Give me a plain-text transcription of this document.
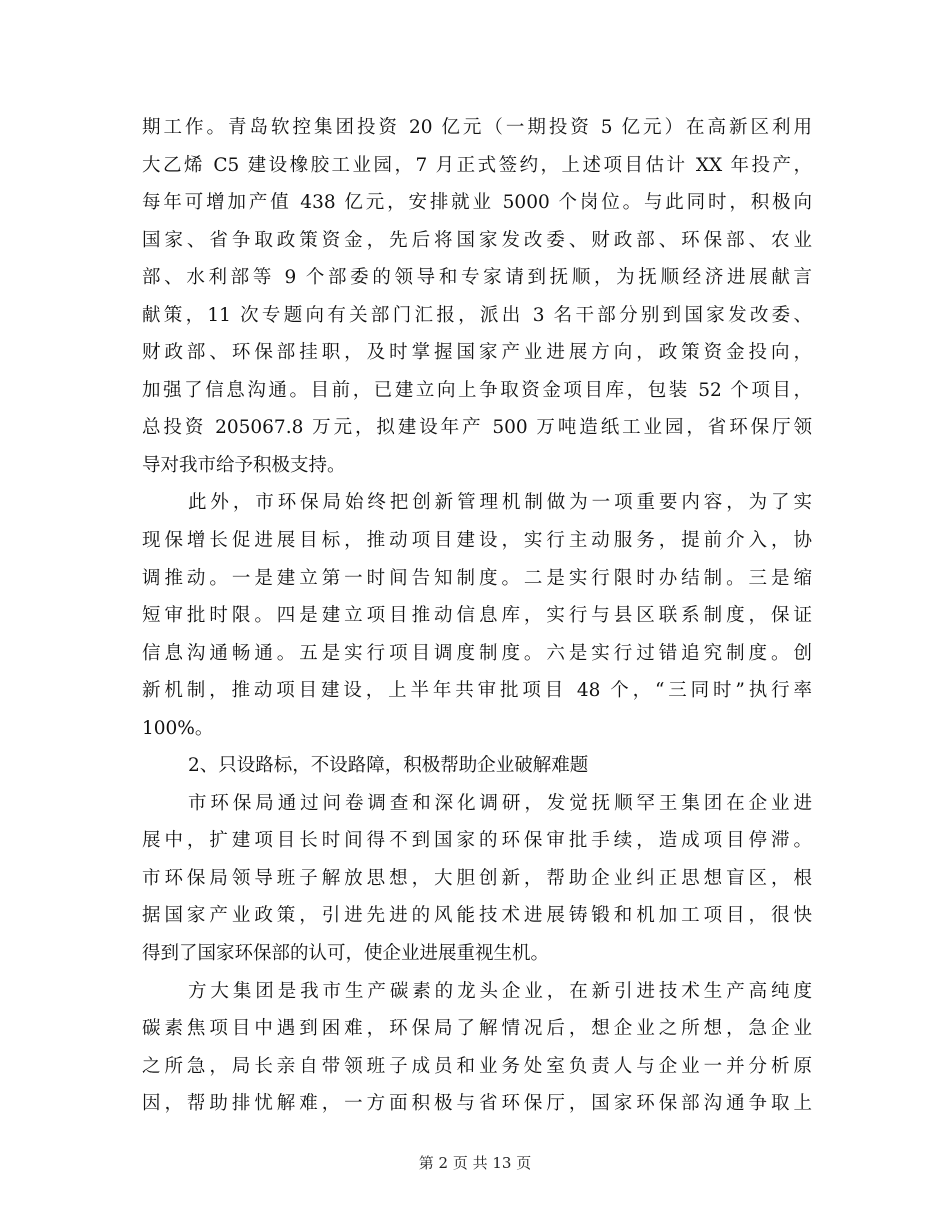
期工作。青岛软控集团投资 20 亿元（一期投资 5 亿元）在高新区利用
大乙烯 C5 建设橡胶工业园，7 月正式签约，上述项目估计 XX 年投产，
每年可增加产值 438 亿元，安排就业 5000 个岗位。与此同时，积极向
国家、省争取政策资金，先后将国家发改委、财政部、环保部、农业
部、水利部等 9 个部委的领导和专家请到抚顺，为抚顺经济进展献言
献策，11 次专题向有关部门汇报，派出 3 名干部分别到国家发改委、
财政部、环保部挂职，及时掌握国家产业进展方向，政策资金投向，
加强了信息沟通。目前，已建立向上争取资金项目库，包装 52 个项目，
总投资 205067.8 万元，拟建设年产 500 万吨造纸工业园，省环保厅领
导对我市给予积极支持。
此外，市环保局始终把创新管理机制做为一项重要内容，为了实
现保增长促进展目标，推动项目建设，实行主动服务，提前介入，协
调推动。一是建立第一时间告知制度。二是实行限时办结制。三是缩
短审批时限。四是建立项目推动信息库，实行与县区联系制度，保证
信息沟通畅通。五是实行项目调度制度。六是实行过错追究制度。创
新机制，推动项目建设，上半年共审批项目 48 个，“三同时”执行率
100%。
2、只设路标，不设路障，积极帮助企业破解难题
市环保局通过问卷调查和深化调研，发觉抚顺罕王集团在企业进
展中，扩建项目长时间得不到国家的环保审批手续，造成项目停滞。
市环保局领导班子解放思想，大胆创新，帮助企业纠正思想盲区，根
据国家产业政策，引进先进的风能技术进展铸锻和机加工项目，很快
得到了国家环保部的认可，使企业进展重视生机。
方大集团是我市生产碳素的龙头企业，在新引进技术生产高纯度
碳素焦项目中遇到困难，环保局了解情况后，想企业之所想，急企业
之所急，局长亲自带领班子成员和业务处室负责人与企业一并分析原
因，帮助排忧解难，一方面积极与省环保厅，国家环保部沟通争取上
第 2 页 共 13 页
